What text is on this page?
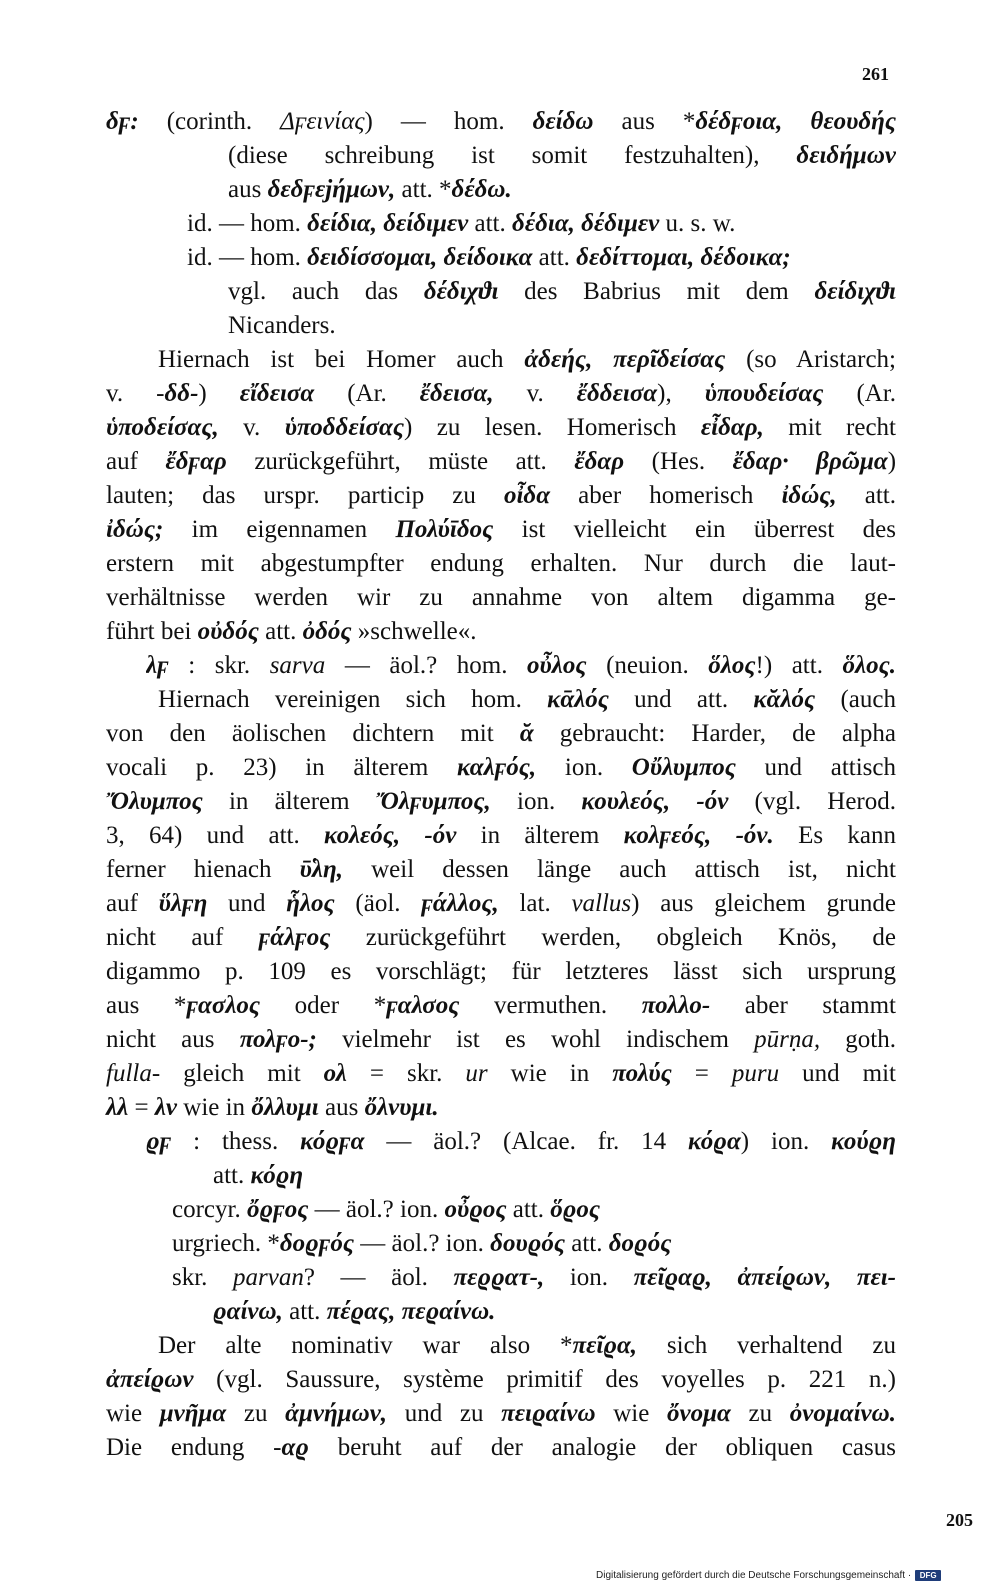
261
δϝ: (corinth. Δϝεινίας) — hom. δείδω aus *δέδϝοια, θεουδής
(diese schreibung ist somit festzuhalten), δειδήμων
aus δεδϝεϳήμων, att. *δέδω.
id. — hom. δείδια, δείδιμεν att. δέδια, δέδιμεν u. s. w.
id. — hom. δειδίσσομαι, δείδοικα att. δεδίττομαι, δέδοικα;
vgl. auch das δέδιχϑι des Babrius mit dem δείδιχϑι
Nicanders.
Hiernach ist bei Homer auch ἀδεής, περῖδείσας (so Aristarch;
v. -δδ-) εἴδεισα (Ar. ἔδεισα, v. ἔδδεισα), ὑπουδείσας (Ar.
ὑποδείσας, v. ὑποδδείσας) zu lesen. Homerisch εἶδαρ, mit recht
auf ἔδϝαρ zurückgeführt, müste att. ἔδαρ (Hes. ἔδαρ· βρῶμα)
lauten; das urspr. particip zu οἶδα aber homerisch ἰδώς, att.
ἰδώς; im eigennamen Πολύῑδος ist vielleicht ein überrest des
erstern mit abgestumpfter endung erhalten. Nur durch die laut-
verhältnisse werden wir zu annahme von altem digamma ge-
führt bei οὐδός att. ὀδός »schwelle«.
λϝ : skr. sarva — äol.? hom. οὖλος (neuion. ὅλος!) att. ὅλος.
Hiernach vereinigen sich hom. κᾱλός und att. κᾰλός (auch
von den äolischen dichtern mit ᾰ gebraucht: Harder, de alpha
vocali p. 23) in älterem καλϝός, ion. Οὔλυμπος und attisch
Ὄλυμπος in älterem Ὄλϝυμπος, ion. κουλεός, -όν (vgl. Herod.
3, 64) und att. κολεός, -όν in älterem κολϝεός, -όν. Es kann
ferner hienach ῡ̔λη, weil dessen länge auch attisch ist, nicht
auf ὕλϝη und ἧλος (äol. ϝάλλος, lat. vallus) aus gleichem grunde
nicht auf ϝάλϝος zurückgeführt werden, obgleich Knös, de
digammo p. 109 es vorschlägt; für letzteres lässt sich ursprung
aus *ϝασλος oder *ϝαλσος vermuthen. πολλο- aber stammt
nicht aus πολϝο-; vielmehr ist es wohl indischem pūrṇa, goth.
fulla- gleich mit ολ = skr. ur wie in πολύς = puru und mit
λλ = λν wie in ὄλλυμι aus ὄλνυμι.
ϱϝ : thess. κόϱϝα — äol.? (Alcae. fr. 14 κόϱα) ion. κούϱη
att. κόϱη
corcyr. ὄϱϝος — äol.? ion. οὖϱος att. ὅϱος
urgriech. *δοϱϝός — äol.? ion. δουϱός att. δοϱός
skr. parvan? — äol. πεϱϱατ-, ion. πεῖϱαϱ, ἀπείϱων, πει-
ϱαίνω, att. πέϱας, πεϱαίνω.
Der alte nominativ war also *πεῖϱα, sich verhaltend zu
ἀπείϱων (vgl. Saussure, système primitif des voyelles p. 221 n.)
wie μνῆμα zu ἀμνήμων, und zu πειϱαίνω wie ὄνομα zu ὀνομαίνω.
Die endung -αϱ beruht auf der analogie der obliquen casus
205
Digitalisierung gefördert durch die Deutsche Forschungsgemeinschaft ·	DFG
